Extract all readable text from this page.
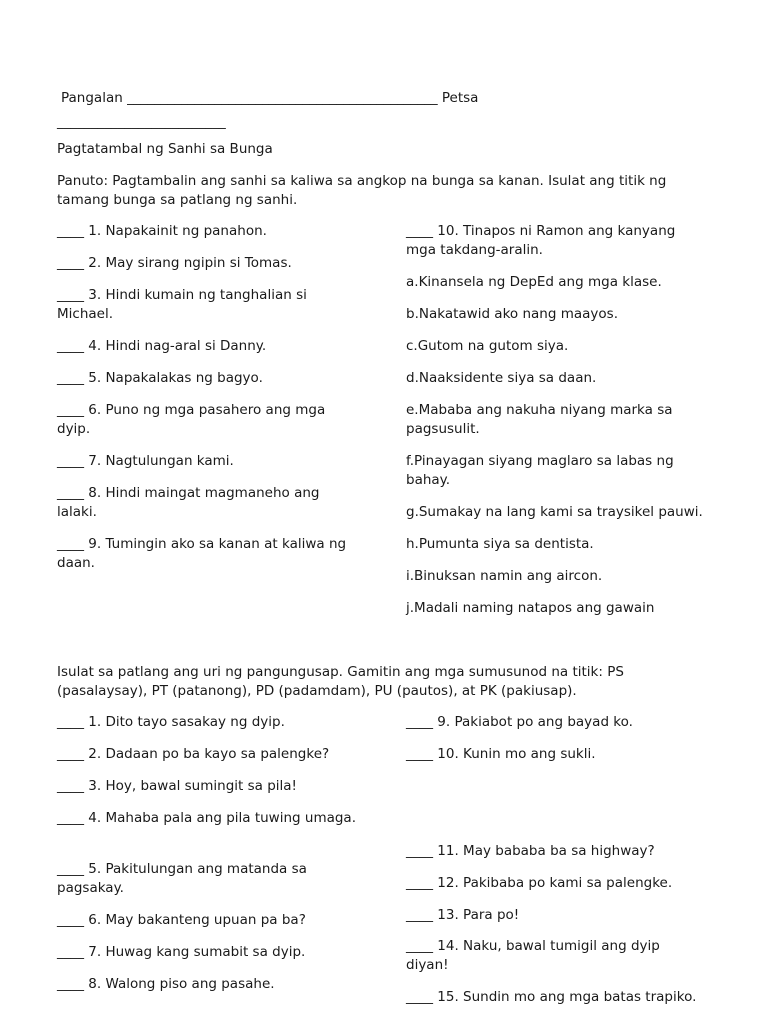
Pangalan ______________________________________________ Petsa
_________________________
Pagtatambal ng Sanhi sa Bunga
Panuto: Pagtambalin ang sanhi sa kaliwa sa angkop na bunga sa kanan. Isulat ang titik ng tamang bunga sa patlang ng sanhi.
____ 1. Napakainit ng panahon.
____ 2. May sirang ngipin si Tomas.
____ 3. Hindi kumain ng tanghalian si Michael.
____ 4. Hindi nag-aral si Danny.
____ 5. Napakalakas ng bagyo.
____ 6. Puno ng mga pasahero ang mga dyip.
____ 7. Nagtulungan kami.
____ 8. Hindi maingat magmaneho ang lalaki.
____ 9. Tumingin ako sa kanan at kaliwa ng daan.
____ 10. Tinapos ni Ramon ang kanyang mga takdang-aralin.
a.Kinansela ng DepEd ang mga klase.
b.Nakatawid ako nang maayos.
c.Gutom na gutom siya.
d.Naaksidente siya sa daan.
e.Mababa ang nakuha niyang marka sa pagsusulit.
f.Pinayagan siyang maglaro sa labas ng bahay.
g.Sumakay na lang kami sa traysikel pauwi.
h.Pumunta siya sa dentista.
i.Binuksan namin ang aircon.
j.Madali naming natapos ang gawain
Isulat sa patlang ang uri ng pangungusap. Gamitin ang mga sumusunod na titik: PS (pasalaysay), PT (patanong), PD (padamdam), PU (pautos), at PK (pakiusap).
____ 1. Dito tayo sasakay ng dyip.
____ 2. Dadaan po ba kayo sa palengke?
____ 3. Hoy, bawal sumingit sa pila!
____ 4. Mahaba pala ang pila tuwing umaga.
____ 5. Pakitulungan ang matanda sa pagsakay.
____ 6. May bakanteng upuan pa ba?
____ 7. Huwag kang sumabit sa dyip.
____ 8. Walong piso ang pasahe.
____ 9. Pakiabot po ang bayad ko.
____ 10. Kunin mo ang sukli.
____ 11. May bababa ba sa highway?
____ 12. Pakibaba po kami sa palengke.
____ 13. Para po!
____ 14. Naku, bawal tumigil ang dyip diyan!
____ 15. Sundin mo ang mga batas trapiko.
